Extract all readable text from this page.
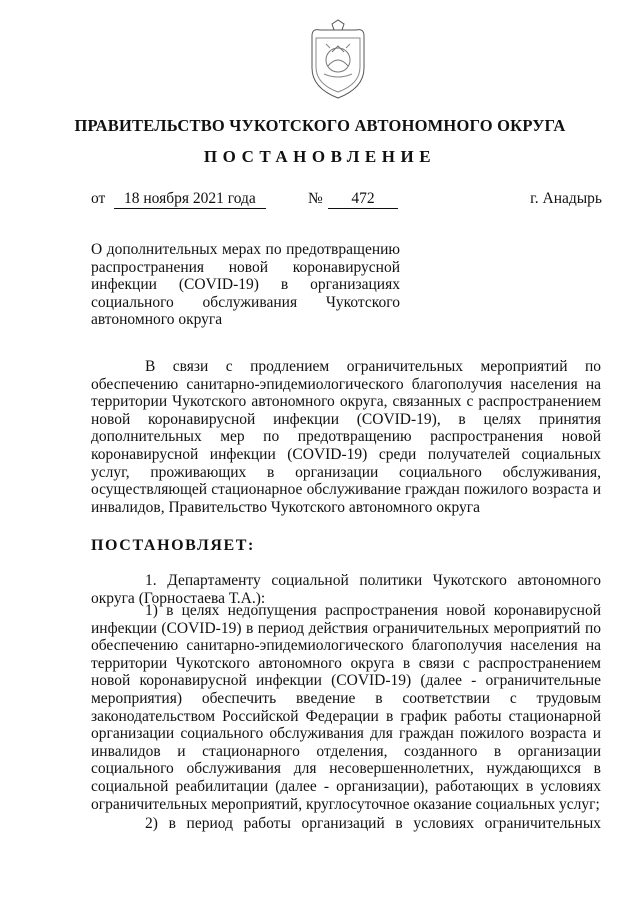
ПРАВИТЕЛЬСТВО ЧУКОТСКОГО АВТОНОМНОГО ОКРУГА
ПОСТАНОВЛЕНИЕ
от	18 ноября 2021 года	№	472	г. Анадырь
О дополнительных мерах по предотвращению распространения новой коронавирусной инфекции (COVID-19) в организациях социального обслуживания Чукотского автономного округа
В связи с продлением ограничительных мероприятий по обеспечению санитарно-эпидемиологического благополучия населения на территории Чукотского автономного округа, связанных с распространением новой коронавирусной инфекции (COVID-19), в целях принятия дополнительных мер по предотвращению распространения новой коронавирусной инфекции (COVID-19) среди получателей социальных услуг, проживающих в организации социального обслуживания, осуществляющей стационарное обслуживание граждан пожилого возраста и инвалидов, Правительство Чукотского автономного округа
ПОСТАНОВЛЯЕТ:
1. Департаменту социальной политики Чукотского автономного округа (Горностаева Т.А.):
1) в целях недопущения распространения новой коронавирусной инфекции (COVID-19) в период действия ограничительных мероприятий по обеспечению санитарно-эпидемиологического благополучия населения на территории Чукотского автономного округа в связи с распространением новой коронавирусной инфекции (COVID-19) (далее - ограничительные мероприятия) обеспечить введение в соответствии с трудовым законодательством Российской Федерации в график работы стационарной организации социального обслуживания для граждан пожилого возраста и инвалидов и стационарного отделения, созданного в организации социального обслуживания для несовершеннолетних, нуждающихся в социальной реабилитации (далее - организации), работающих в условиях ограничительных мероприятий, круглосуточное оказание социальных услуг;
2) в период работы организаций в условиях ограничительных
